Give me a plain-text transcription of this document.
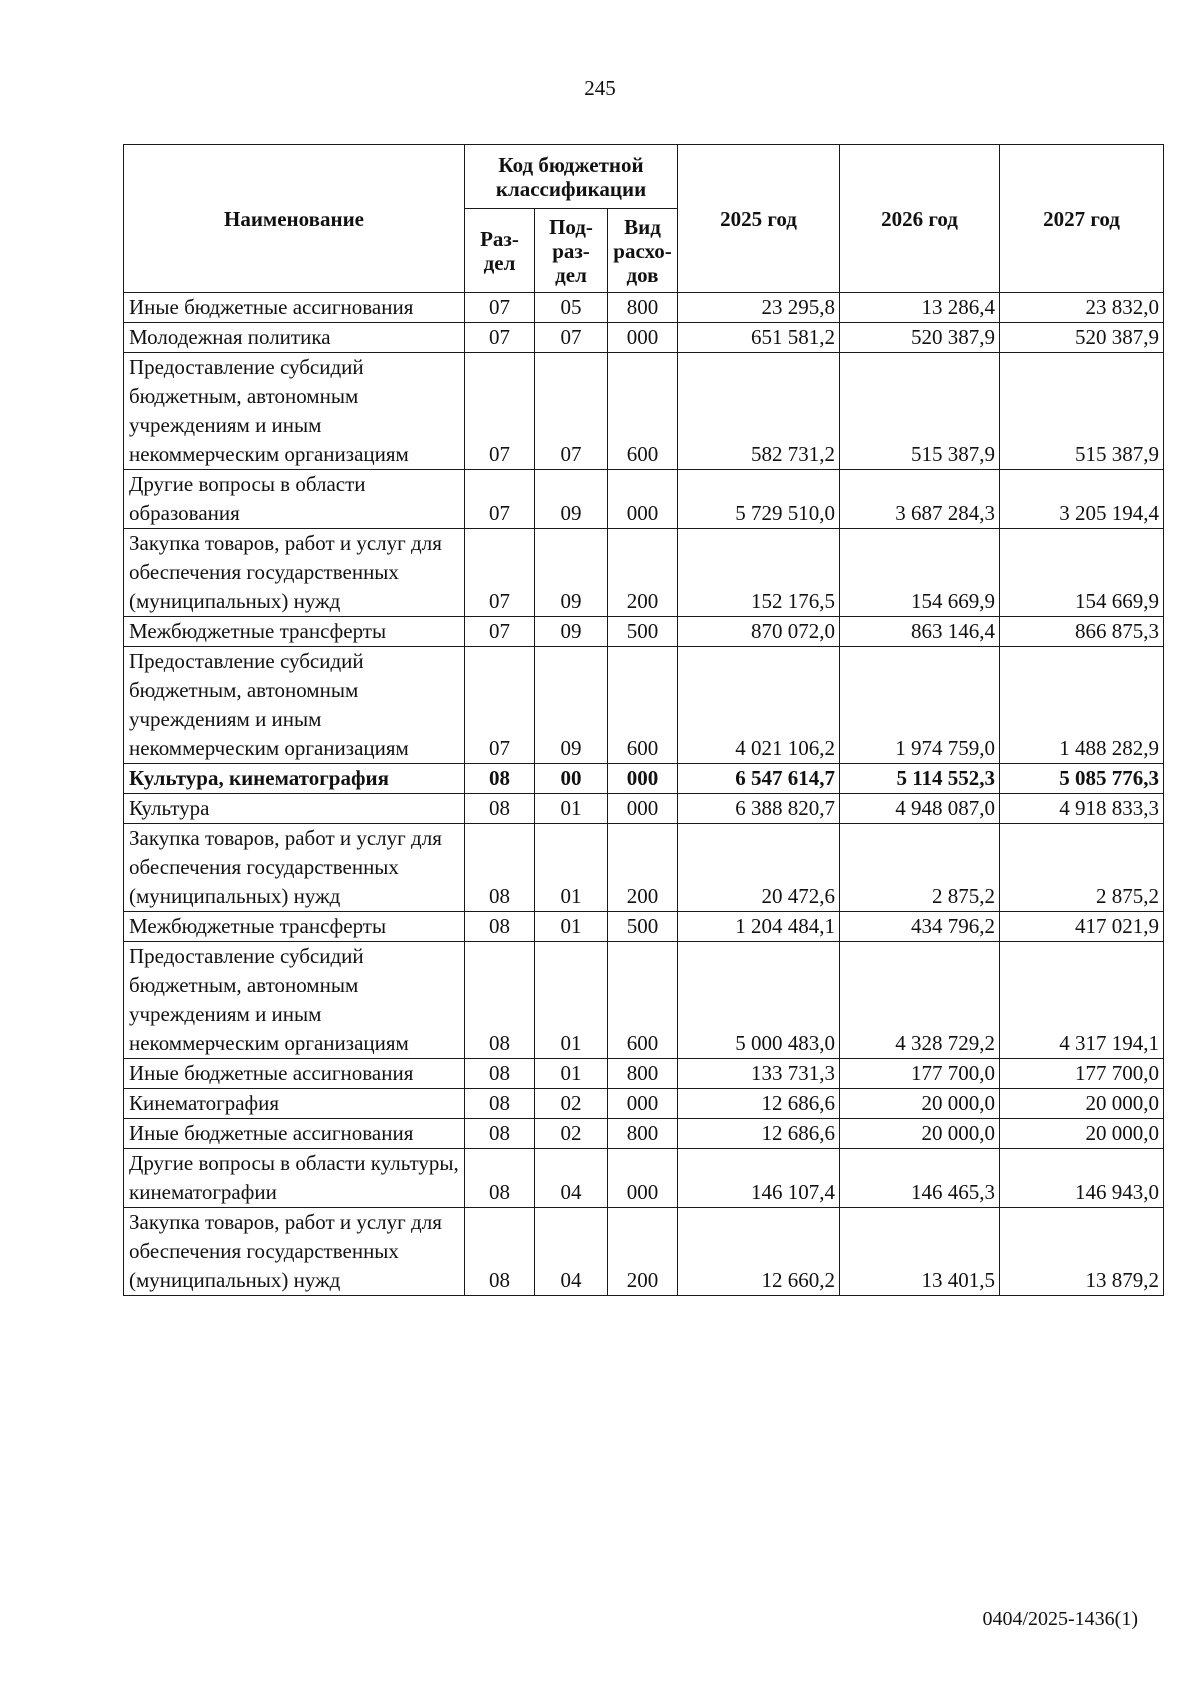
245
Наименование	Код бюджетной классификации			2025 год	2026 год	2027 год
	Раз-дел	Под-раз-дел	Вид расхо-дов			
Иные бюджетные ассигнования	07	05	800	23 295,8	13 286,4	23 832,0
Молодежная политика	07	07	000	651 581,2	520 387,9	520 387,9
Предоставление субсидий бюджетным, автономным учреждениям и иным некоммерческим организациям	07	07	600	582 731,2	515 387,9	515 387,9
Другие вопросы в области образования	07	09	000	5 729 510,0	3 687 284,3	3 205 194,4
Закупка товаров, работ и услуг для обеспечения государственных (муниципальных) нужд	07	09	200	152 176,5	154 669,9	154 669,9
Межбюджетные трансферты	07	09	500	870 072,0	863 146,4	866 875,3
Предоставление субсидий бюджетным, автономным учреждениям и иным некоммерческим организациям	07	09	600	4 021 106,2	1 974 759,0	1 488 282,9
Культура, кинематография	08	00	000	6 547 614,7	5 114 552,3	5 085 776,3
Культура	08	01	000	6 388 820,7	4 948 087,0	4 918 833,3
Закупка товаров, работ и услуг для обеспечения государственных (муниципальных) нужд	08	01	200	20 472,6	2 875,2	2 875,2
Межбюджетные трансферты	08	01	500	1 204 484,1	434 796,2	417 021,9
Предоставление субсидий бюджетным, автономным учреждениям и иным некоммерческим организациям	08	01	600	5 000 483,0	4 328 729,2	4 317 194,1
Иные бюджетные ассигнования	08	01	800	133 731,3	177 700,0	177 700,0
Кинематография	08	02	000	12 686,6	20 000,0	20 000,0
Иные бюджетные ассигнования	08	02	800	12 686,6	20 000,0	20 000,0
Другие вопросы в области культуры, кинематографии	08	04	000	146 107,4	146 465,3	146 943,0
Закупка товаров, работ и услуг для обеспечения государственных (муниципальных) нужд	08	04	200	12 660,2	13 401,5	13 879,2
0404/2025-1436(1)
